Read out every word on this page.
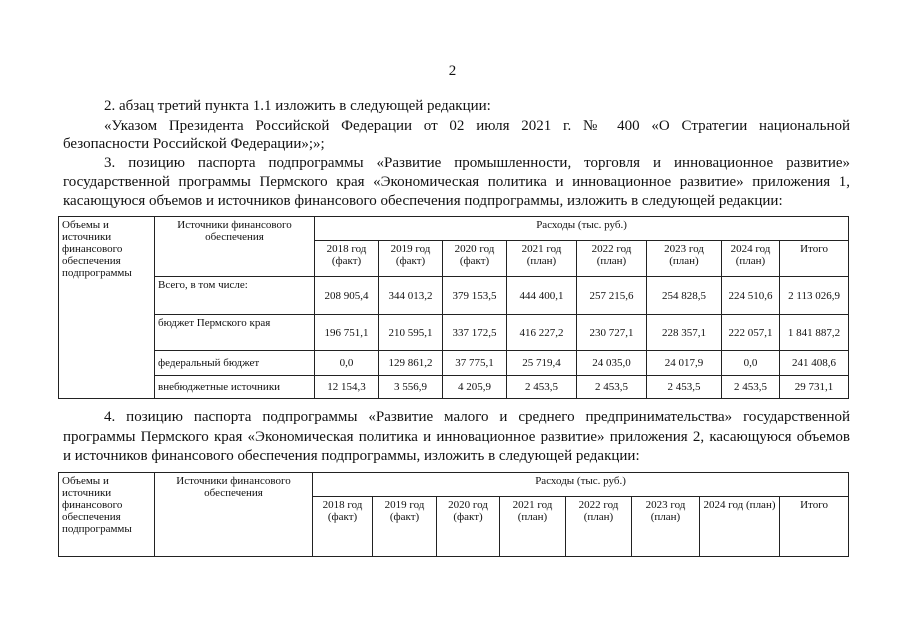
2
2. абзац третий пункта 1.1 изложить в следующей редакции:
«Указом Президента Российской Федерации от 02 июля 2021 г. № 400 «О Стратегии национальной
безопасности Российской Федерации»;»;
3. позицию паспорта подпрограммы «Развитие промышленности, торговля и инновационное развитие»
государственной программы Пермского края «Экономическая политика и инновационное развитие» приложения 1,
касающуюся объемов и источников финансового обеспечения подпрограммы, изложить в следующей редакции:
Объемы и источники финансового обеспечения подпрограммы	Источники финансового обеспечения	Расходы (тыс. руб.)							
		2018 год (факт)	2019 год (факт)	2020 год (факт)	2021 год (план)	2022 год (план)	2023 год (план)	2024 год (план)	Итого
	Всего, в том числе:	208 905,4	344 013,2	379 153,5	444 400,1	257 215,6	254 828,5	224 510,6	2 113 026,9
	бюджет Пермского края	196 751,1	210 595,1	337 172,5	416 227,2	230 727,1	228 357,1	222 057,1	1 841 887,2
	федеральный бюджет	0,0	129 861,2	37 775,1	25 719,4	24 035,0	24 017,9	0,0	241 408,6
	внебюджетные источники	12 154,3	3 556,9	4 205,9	2 453,5	2 453,5	2 453,5	2 453,5	29 731,1
4. позицию паспорта подпрограммы «Развитие малого и среднего предпринимательства» государственной
программы Пермского края «Экономическая политика и инновационное развитие» приложения 2, касающуюся объемов
и источников финансового обеспечения подпрограммы, изложить в следующей редакции:
Объемы и источники финансового обеспечения подпрограммы	Источники финансового обеспечения	Расходы (тыс. руб.)							
		2018 год (факт)	2019 год (факт)	2020 год (факт)	2021 год (план)	2022 год (план)	2023 год (план)	2024 год (план)	Итого
